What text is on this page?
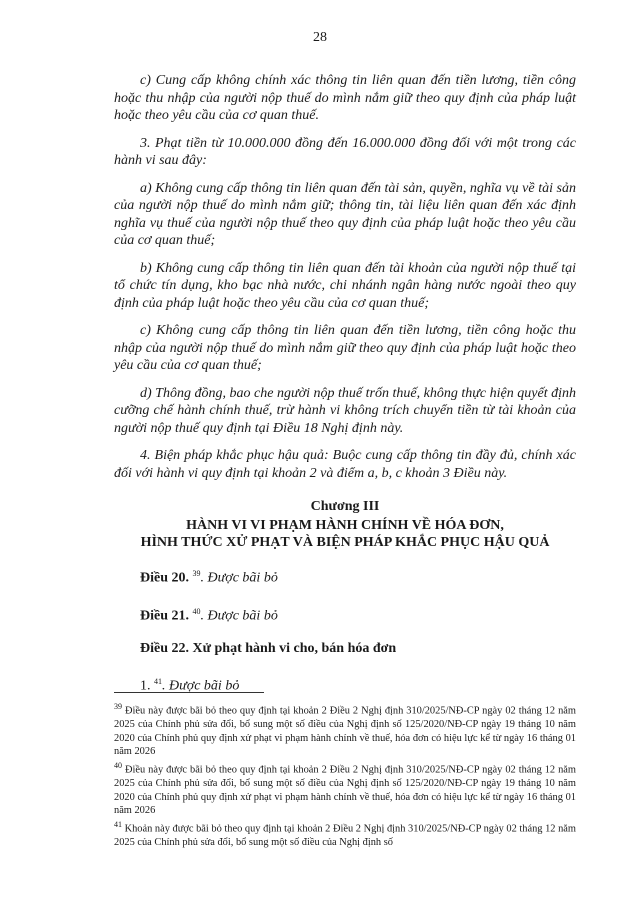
28

c) Cung cấp không chính xác thông tin liên quan đến tiền lương, tiền công hoặc thu nhập của người nộp thuế do mình nắm giữ theo quy định của pháp luật hoặc theo yêu cầu của cơ quan thuế.

3. Phạt tiền từ 10.000.000 đồng đến 16.000.000 đồng đối với một trong các hành vi sau đây:

a) Không cung cấp thông tin liên quan đến tài sản, quyền, nghĩa vụ về tài sản của người nộp thuế do mình nắm giữ; thông tin, tài liệu liên quan đến xác định nghĩa vụ thuế của người nộp thuế theo quy định của pháp luật hoặc theo yêu cầu của cơ quan thuế;

b) Không cung cấp thông tin liên quan đến tài khoản của người nộp thuế tại tổ chức tín dụng, kho bạc nhà nước, chi nhánh ngân hàng nước ngoài theo quy định của pháp luật hoặc theo yêu cầu của cơ quan thuế;

c) Không cung cấp thông tin liên quan đến tiền lương, tiền công hoặc thu nhập của người nộp thuế do mình nắm giữ theo quy định của pháp luật hoặc theo yêu cầu của cơ quan thuế;

d) Thông đồng, bao che người nộp thuế trốn thuế, không thực hiện quyết định cưỡng chế hành chính thuế, trừ hành vi không trích chuyển tiền từ tài khoản của người nộp thuế quy định tại Điều 18 Nghị định này.

4. Biện pháp khắc phục hậu quả: Buộc cung cấp thông tin đầy đủ, chính xác đối với hành vi quy định tại khoản 2 và điểm a, b, c khoản 3 Điều này.

Chương III
HÀNH VI VI PHẠM HÀNH CHÍNH VỀ HÓA ĐƠN,
HÌNH THỨC XỬ PHẠT VÀ BIỆN PHÁP KHẮC PHỤC HẬU QUẢ
Điều 20. $^{39}$. Được bãi bỏ
Điều 21. $^{40}$. Được bãi bỏ
Điều 22. Xử phạt hành vi cho, bán hóa đơn
1. $^{41}$. Được bãi bỏ

$^{39}$ Điều này được bãi bỏ theo quy định tại khoản 2 Điều 2 Nghị định 310/2025/NĐ-CP ngày 02 tháng 12 năm 2025 của Chính phủ sửa đổi, bổ sung một số điều của Nghị định số 125/2020/NĐ-CP ngày 19 tháng 10 năm 2020 của Chính phủ quy định xử phạt vi phạm hành chính về thuế, hóa đơn có hiệu lực kể từ ngày 16 tháng 01 năm 2026

$^{40}$ Điều này được bãi bỏ theo quy định tại khoản 2 Điều 2 Nghị định 310/2025/NĐ-CP ngày 02 tháng 12 năm 2025 của Chính phủ sửa đổi, bổ sung một số điều của Nghị định số 125/2020/NĐ-CP ngày 19 tháng 10 năm 2020 của Chính phủ quy định xử phạt vi phạm hành chính về thuế, hóa đơn có hiệu lực kể từ ngày 16 tháng 01 năm 2026

$^{41}$ Khoản này được bãi bỏ theo quy định tại khoản 2 Điều 2 Nghị định 310/2025/NĐ-CP ngày 02 tháng 12 năm 2025 của Chính phủ sửa đổi, bổ sung một số điều của Nghị định số
